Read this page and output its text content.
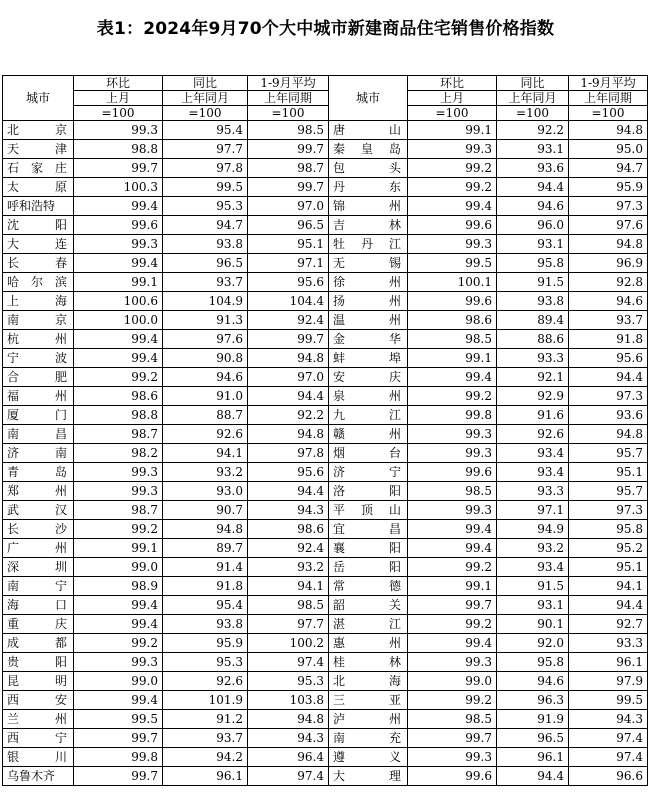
表1：2024年9月70个大中城市新建商品住宅销售价格指数
城市	环比	同比	1-9月平均	城市	环比	同比	1-9月平均
	上月	上年同月	上年同期		上月	上年同月	上年同期
	=100	=100	=100		=100	=100	=100
北京	99.3	95.4	98.5	唐山	99.1	92.2	94.8
天津	98.8	97.7	99.7	秦皇岛	99.3	93.1	95.0
石家庄	99.7	97.8	98.7	包头	99.2	93.6	94.7
太原	100.3	99.5	99.7	丹东	99.2	94.4	95.9
呼和浩特	99.4	95.3	97.0	锦州	99.4	94.6	97.3
沈阳	99.6	94.7	96.5	吉林	99.6	96.0	97.6
大连	99.3	93.8	95.1	牡丹江	99.3	93.1	94.8
长春	99.4	96.5	97.1	无锡	99.5	95.8	96.9
哈尔滨	99.1	93.7	95.6	徐州	100.1	91.5	92.8
上海	100.6	104.9	104.4	扬州	99.6	93.8	94.6
南京	100.0	91.3	92.4	温州	98.6	89.4	93.7
杭州	99.4	97.6	99.7	金华	98.5	88.6	91.8
宁波	99.4	90.8	94.8	蚌埠	99.1	93.3	95.6
合肥	99.2	94.6	97.0	安庆	99.4	92.1	94.4
福州	98.6	91.0	94.4	泉州	99.2	92.9	97.3
厦门	98.8	88.7	92.2	九江	99.8	91.6	93.6
南昌	98.7	92.6	94.8	赣州	99.3	92.6	94.8
济南	98.2	94.1	97.8	烟台	99.3	93.4	95.7
青岛	99.3	93.2	95.6	济宁	99.6	93.4	95.1
郑州	99.3	93.0	94.4	洛阳	98.5	93.3	95.7
武汉	98.7	90.7	94.3	平顶山	99.3	97.1	97.3
长沙	99.2	94.8	98.6	宜昌	99.4	94.9	95.8
广州	99.1	89.7	92.4	襄阳	99.4	93.2	95.2
深圳	99.0	91.4	93.2	岳阳	99.2	93.4	95.1
南宁	98.9	91.8	94.1	常德	99.1	91.5	94.1
海口	99.4	95.4	98.5	韶关	99.7	93.1	94.4
重庆	99.4	93.8	97.7	湛江	99.2	90.1	92.7
成都	99.2	95.9	100.2	惠州	99.4	92.0	93.3
贵阳	99.3	95.3	97.4	桂林	99.3	95.8	96.1
昆明	99.0	92.6	95.3	北海	99.0	94.6	97.9
西安	99.4	101.9	103.8	三亚	99.2	96.3	99.5
兰州	99.5	91.2	94.8	泸州	98.5	91.9	94.3
西宁	99.7	93.7	94.3	南充	99.7	96.5	97.4
银川	99.8	94.2	96.4	遵义	99.3	96.1	97.4
乌鲁木齐	99.7	96.1	97.4	大理	99.6	94.4	96.6
